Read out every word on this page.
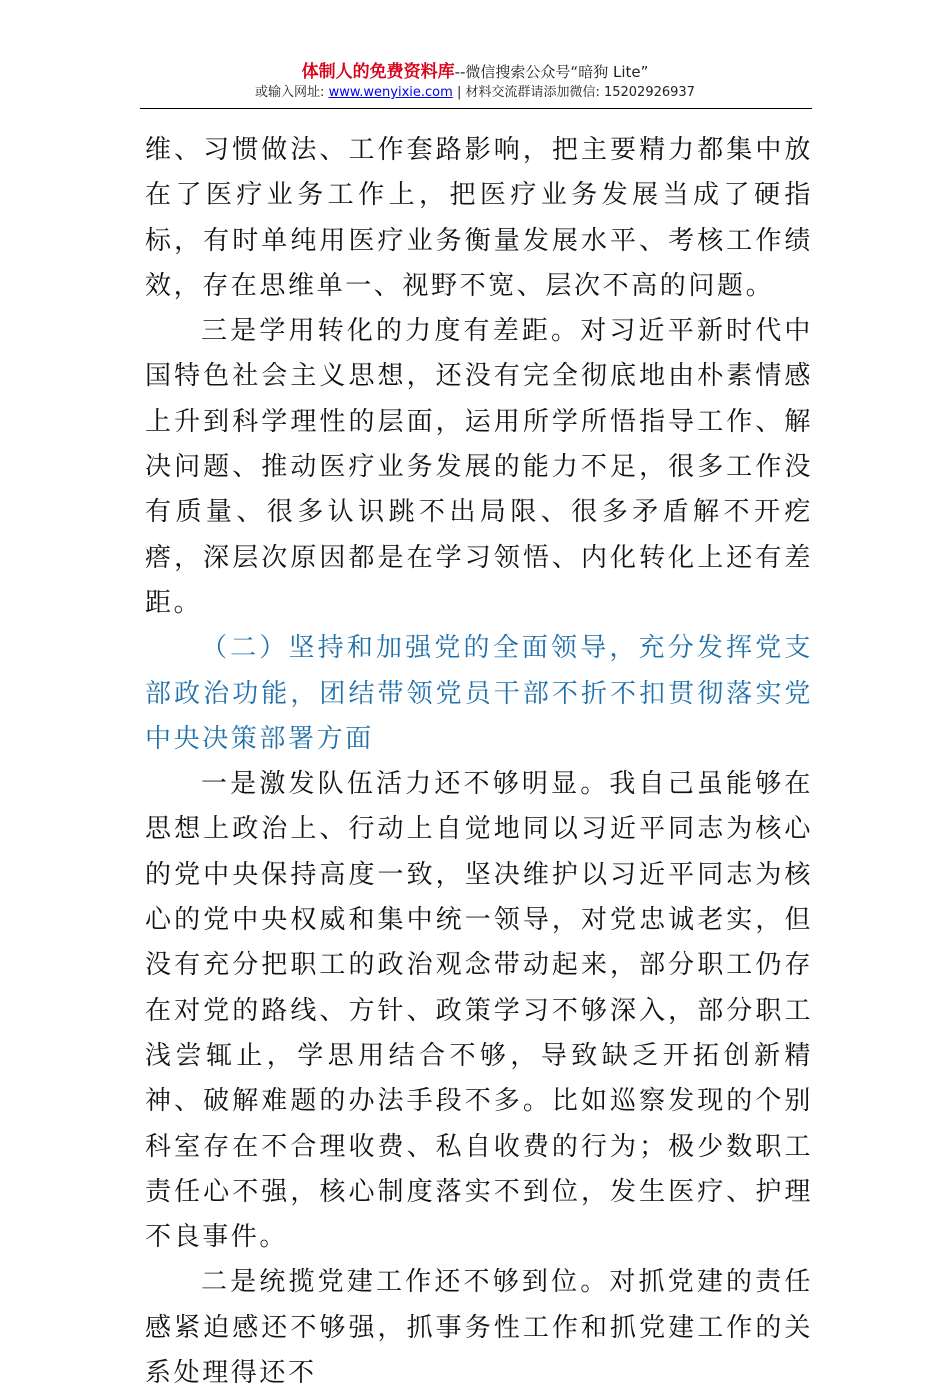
体制人的免费资料库--微信搜索公众号“暗狗 Lite”
或输入网址: www.wenyixie.com | 材料交流群请添加微信: 15202926937

维、习惯做法、工作套路影响，把主要精力都集中放在了医疗业务工作上，把医疗业务发展当成了硬指标，有时单纯用医疗业务衡量发展水平、考核工作绩效，存在思维单一、视野不宽、层次不高的问题。

三是学用转化的力度有差距。对习近平新时代中国特色社会主义思想，还没有完全彻底地由朴素情感上升到科学理性的层面，运用所学所悟指导工作、解决问题、推动医疗业务发展的能力不足，很多工作没有质量、很多认识跳不出局限、很多矛盾解不开疙瘩，深层次原因都是在学习领悟、内化转化上还有差距。

（二）坚持和加强党的全面领导，充分发挥党支部政治功能，团结带领党员干部不折不扣贯彻落实党中央决策部署方面

一是激发队伍活力还不够明显。我自己虽能够在思想上政治上、行动上自觉地同以习近平同志为核心的党中央保持高度一致，坚决维护以习近平同志为核心的党中央权威和集中统一领导，对党忠诚老实，但没有充分把职工的政治观念带动起来，部分职工仍存在对党的路线、方针、政策学习不够深入，部分职工浅尝辄止，学思用结合不够，导致缺乏开拓创新精神、破解难题的办法手段不多。比如巡察发现的个别科室存在不合理收费、私自收费的行为；极少数职工责任心不强，核心制度落实不到位，发生医疗、护理不良事件。

二是统揽党建工作还不够到位。对抓党建的责任感紧迫感还不够强，抓事务性工作和抓党建工作的关系处理得还不
